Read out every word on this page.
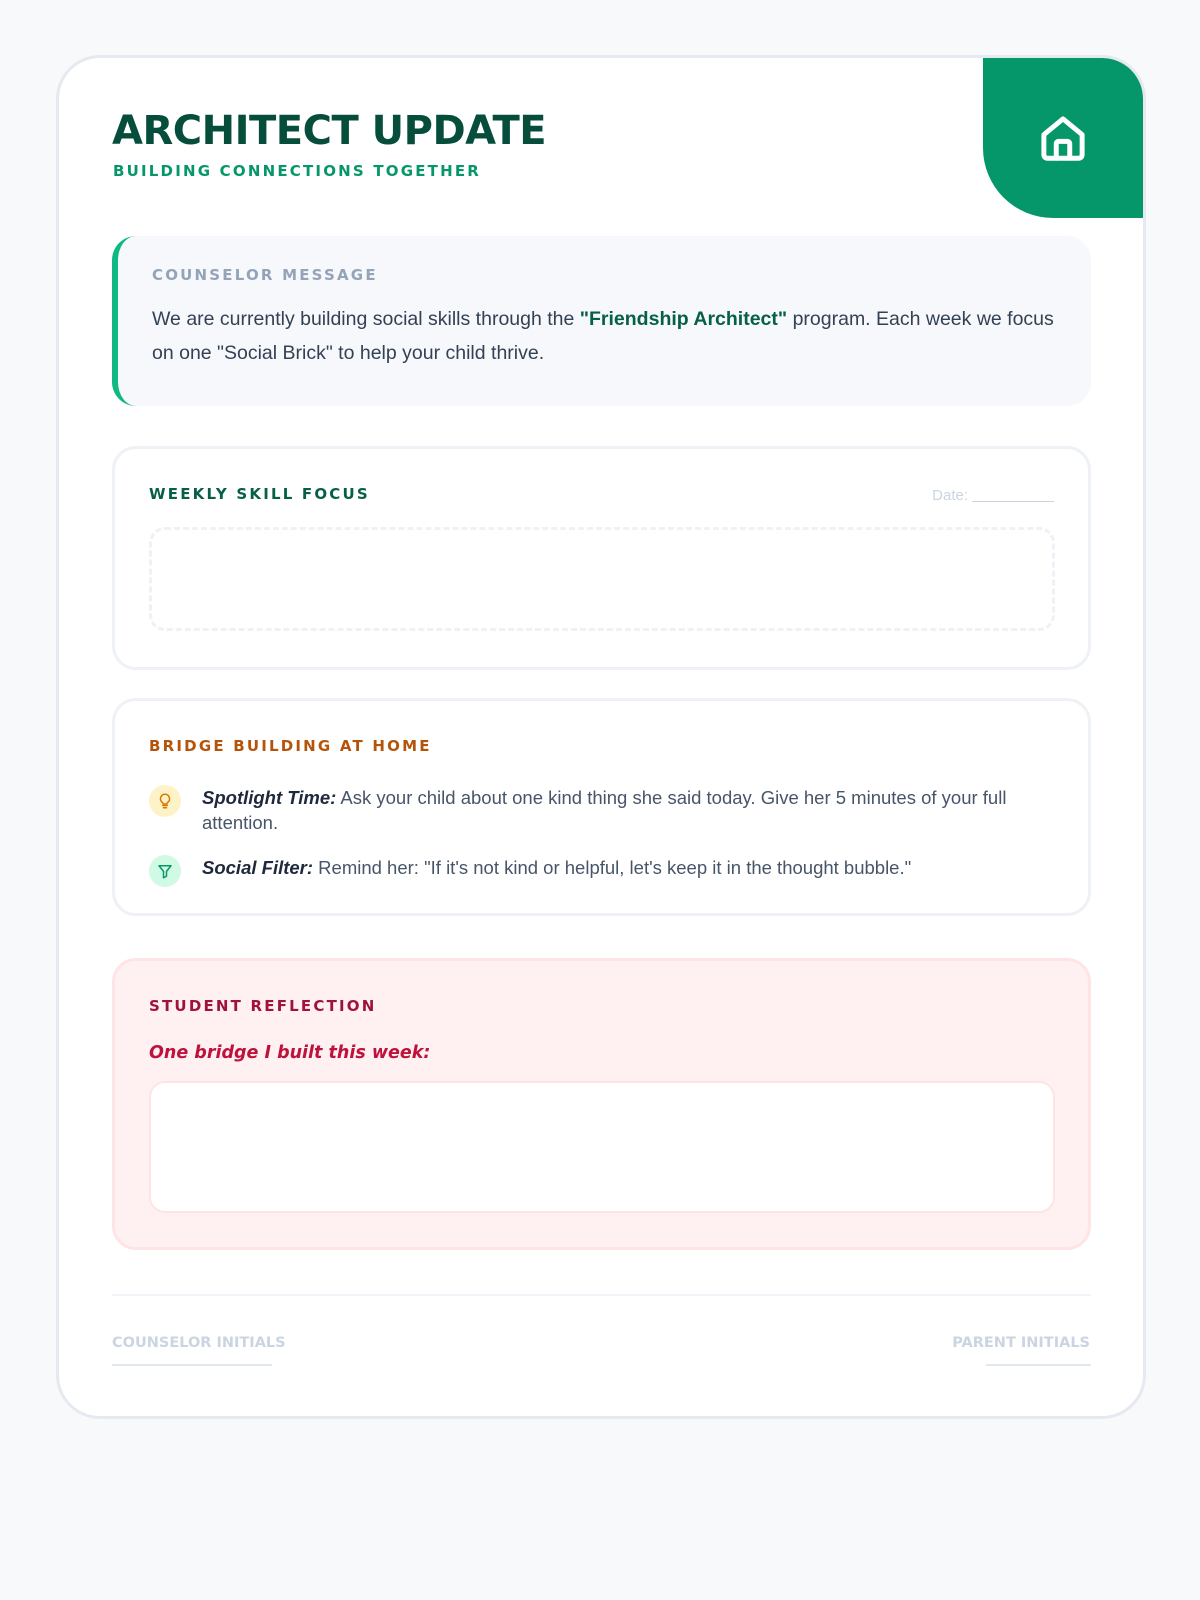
ARCHITECT UPDATE
BUILDING CONNECTIONS TOGETHER
COUNSELOR MESSAGE

We are currently building social skills through the "Friendship Architect" program. Each week we focus on one "Social Brick" to help your child thrive.

WEEKLY SKILL FOCUS	Date:
BRIDGE BUILDING AT HOME

Spotlight Time: Ask your child about one kind thing she said today. Give her 5 minutes of your full attention.

Social Filter: Remind her: "If it's not kind or helpful, let's keep it in the thought bubble."

STUDENT REFLECTION
One bridge I built this week:
COUNSELOR INITIALS	PARENT INITIALS
